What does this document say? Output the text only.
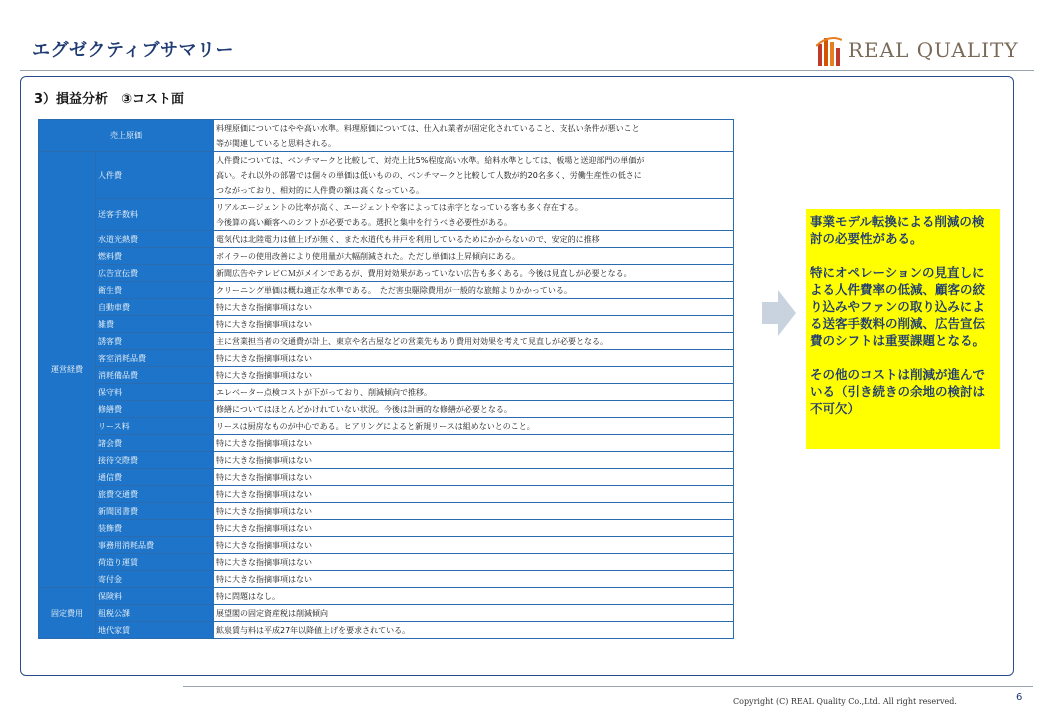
エグゼクティブサマリー	REAL QUALITY
3）損益分析　③コスト面
売上原価		料理原価についてはやや高い水準。料理原価については、仕入れ業者が固定化されていること、支払い条件が悪いこと
等が関連していると思料される。
運営経費	人件費	人件費については、ベンチマークと比較して、対売上比5%程度高い水準。給料水準としては、板場と送迎部門の単価が
高い。それ以外の部署では個々の単価は低いものの、ベンチマークと比較して人数が約20名多く、労働生産性の低さに
つながっており、相対的に人件費の額は高くなっている。
	送客手数料	リアルエージェントの比率が高く、エージェントや客によっては赤字となっている客も多く存在する。
今後算の高い顧客へのシフトが必要である。選択と集中を行うべき必要性がある。
	水道光熱費	電気代は北陸電力は値上げが無く、また水道代も井戸を利用しているためにかからないので、安定的に推移
	燃料費	ボイラーの使用改善により使用量が大幅削減された。ただし単価は上昇傾向にある。
	広告宣伝費	新聞広告やテレビＣＭがメインであるが、費用対効果があっていない広告も多くある。今後は見直しが必要となる。
	衛生費	クリーニング単価は概ね適正な水準である。　ただ害虫駆除費用が一般的な旅館よりかかっている。
	自動車費	特に大きな指摘事項はない
	雑費	特に大きな指摘事項はない
	誘客費	主に営業担当者の交通費が計上、東京や名古屋などの営業先もあり費用対効果を考えて見直しが必要となる。
	客室消耗品費	特に大きな指摘事項はない
	消耗備品費	特に大きな指摘事項はない
	保守料	エレベーター点検コストが下がっており、削減傾向で推移。
	修繕費	修繕についてはほとんどかけれていない状況。今後は計画的な修繕が必要となる。
	リース料	リースは厨房なものが中心である。ヒアリングによると新規リースは組めないとのこと。
	諸会費	特に大きな指摘事項はない
	接待交際費	特に大きな指摘事項はない
	通信費	特に大きな指摘事項はない
	旅費交通費	特に大きな指摘事項はない
	新聞図書費	特に大きな指摘事項はない
	装飾費	特に大きな指摘事項はない
	事務用消耗品費	特に大きな指摘事項はない
	荷造り運賃	特に大きな指摘事項はない
	寄付金	特に大きな指摘事項はない
固定費用	保険料	特に問題はなし。
	租税公課	展望閣の固定資産税は削減傾向
	地代家賃	鉱泉賃与料は平成27年以降値上げを要求されている。

事業モデル転換による削減の検討の必要性がある。

特にオペレーションの見直しによる人件費率の低減、顧客の絞り込みやファンの取り込みによる送客手数料の削減、広告宣伝費のシフトは重要課題となる。

その他のコストは削減が進んでいる（引き続きの余地の検討は不可欠）

Copyright (C) REAL Quality Co.,Ltd. All right reserved.	6
